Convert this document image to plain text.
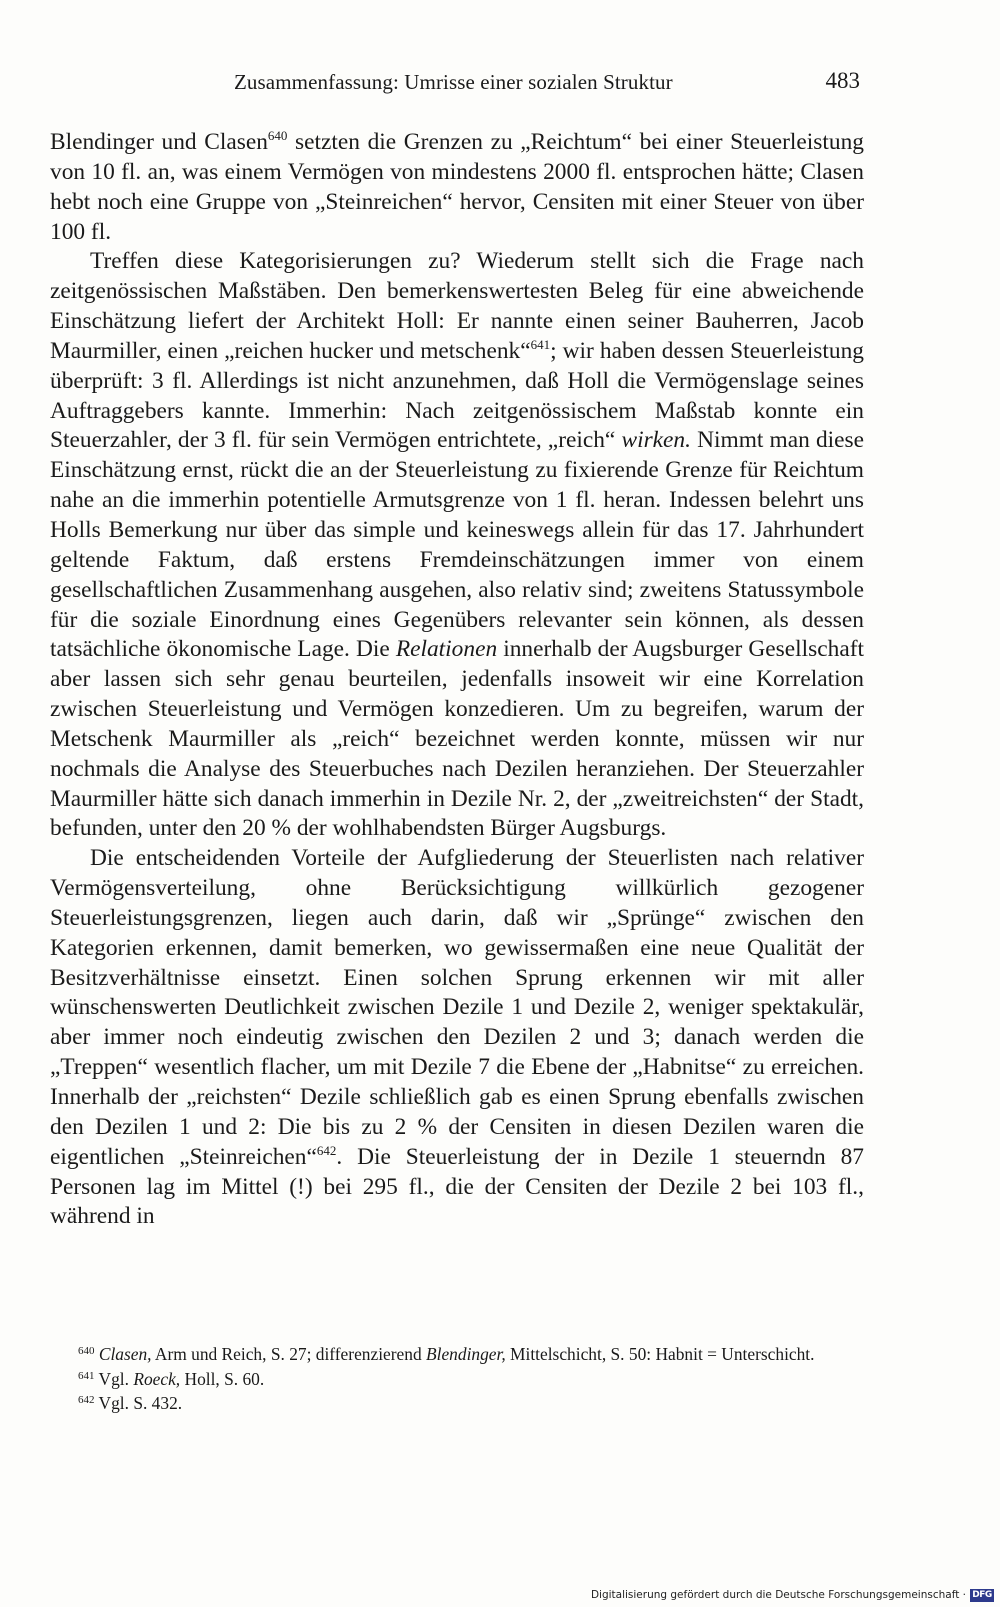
Zusammenfassung: Umrisse einer sozialen Struktur	483

Blendinger und Clasen$^{640}$ setzten die Grenzen zu „Reichtum“ bei einer Steuerleistung von 10 fl. an, was einem Vermögen von mindestens 2000 fl. entsprochen hätte; Clasen hebt noch eine Gruppe von „Steinreichen“ hervor, Censiten mit einer Steuer von über 100 fl.

Treffen diese Kategorisierungen zu? Wiederum stellt sich die Frage nach zeitgenössischen Maßstäben. Den bemerkenswertesten Beleg für eine abweichende Einschätzung liefert der Architekt Holl: Er nannte einen seiner Bauherren, Jacob Maurmiller, einen „reichen hucker und metschenk“$^{641}$; wir haben dessen Steuerleistung überprüft: 3 fl. Allerdings ist nicht anzunehmen, daß Holl die Vermögenslage seines Auftraggebers kannte. Immerhin: Nach zeitgenössischem Maßstab konnte ein Steuerzahler, der 3 fl. für sein Vermögen entrichtete, „reich“ wirken. Nimmt man diese Einschätzung ernst, rückt die an der Steuerleistung zu fixierende Grenze für Reichtum nahe an die immerhin potentielle Armutsgrenze von 1 fl. heran. Indessen belehrt uns Holls Bemerkung nur über das simple und keineswegs allein für das 17. Jahrhundert geltende Faktum, daß erstens Fremdeinschätzungen immer von einem gesellschaftlichen Zusammenhang ausgehen, also relativ sind; zweitens Statussymbole für die soziale Einordnung eines Gegenübers relevanter sein können, als dessen tatsächliche ökonomische Lage. Die Relationen innerhalb der Augsburger Gesellschaft aber lassen sich sehr genau beurteilen, jedenfalls insoweit wir eine Korrelation zwischen Steuerleistung und Vermögen konzedieren. Um zu begreifen, warum der Metschenk Maurmiller als „reich“ bezeichnet werden konnte, müssen wir nur nochmals die Analyse des Steuerbuches nach Dezilen heranziehen. Der Steuerzahler Maurmiller hätte sich danach immerhin in Dezile Nr. 2, der „zweitreichsten“ der Stadt, befunden, unter den 20 % der wohlhabendsten Bürger Augsburgs.

Die entscheidenden Vorteile der Aufgliederung der Steuerlisten nach relativer Vermögensverteilung, ohne Berücksichtigung willkürlich gezogener Steuerleistungsgrenzen, liegen auch darin, daß wir „Sprünge“ zwischen den Kategorien erkennen, damit bemerken, wo gewissermaßen eine neue Qualität der Besitzverhältnisse einsetzt. Einen solchen Sprung erkennen wir mit aller wünschenswerten Deutlichkeit zwischen Dezile 1 und Dezile 2, weniger spektakulär, aber immer noch eindeutig zwischen den Dezilen 2 und 3; danach werden die „Treppen“ wesentlich flacher, um mit Dezile 7 die Ebene der „Habnitse“ zu erreichen. Innerhalb der „reichsten“ Dezile schließlich gab es einen Sprung ebenfalls zwischen den Dezilen 1 und 2: Die bis zu 2 % der Censiten in diesen Dezilen waren die eigentlichen „Steinreichen“$^{642}$. Die Steuerleistung der in Dezile 1 steuerndn 87 Personen lag im Mittel (!) bei 295 fl., die der Censiten der Dezile 2 bei 103 fl., während in

$^{640}$ Clasen, Arm und Reich, S. 27; differenzierend Blendinger, Mittelschicht, S. 50: Habnit = Unterschicht.

$^{641}$ Vgl. Roeck, Holl, S. 60.

$^{642}$ Vgl. S. 432.

Digitalisierung gefördert durch die Deutsche Forschungsgemeinschaft · DFG
